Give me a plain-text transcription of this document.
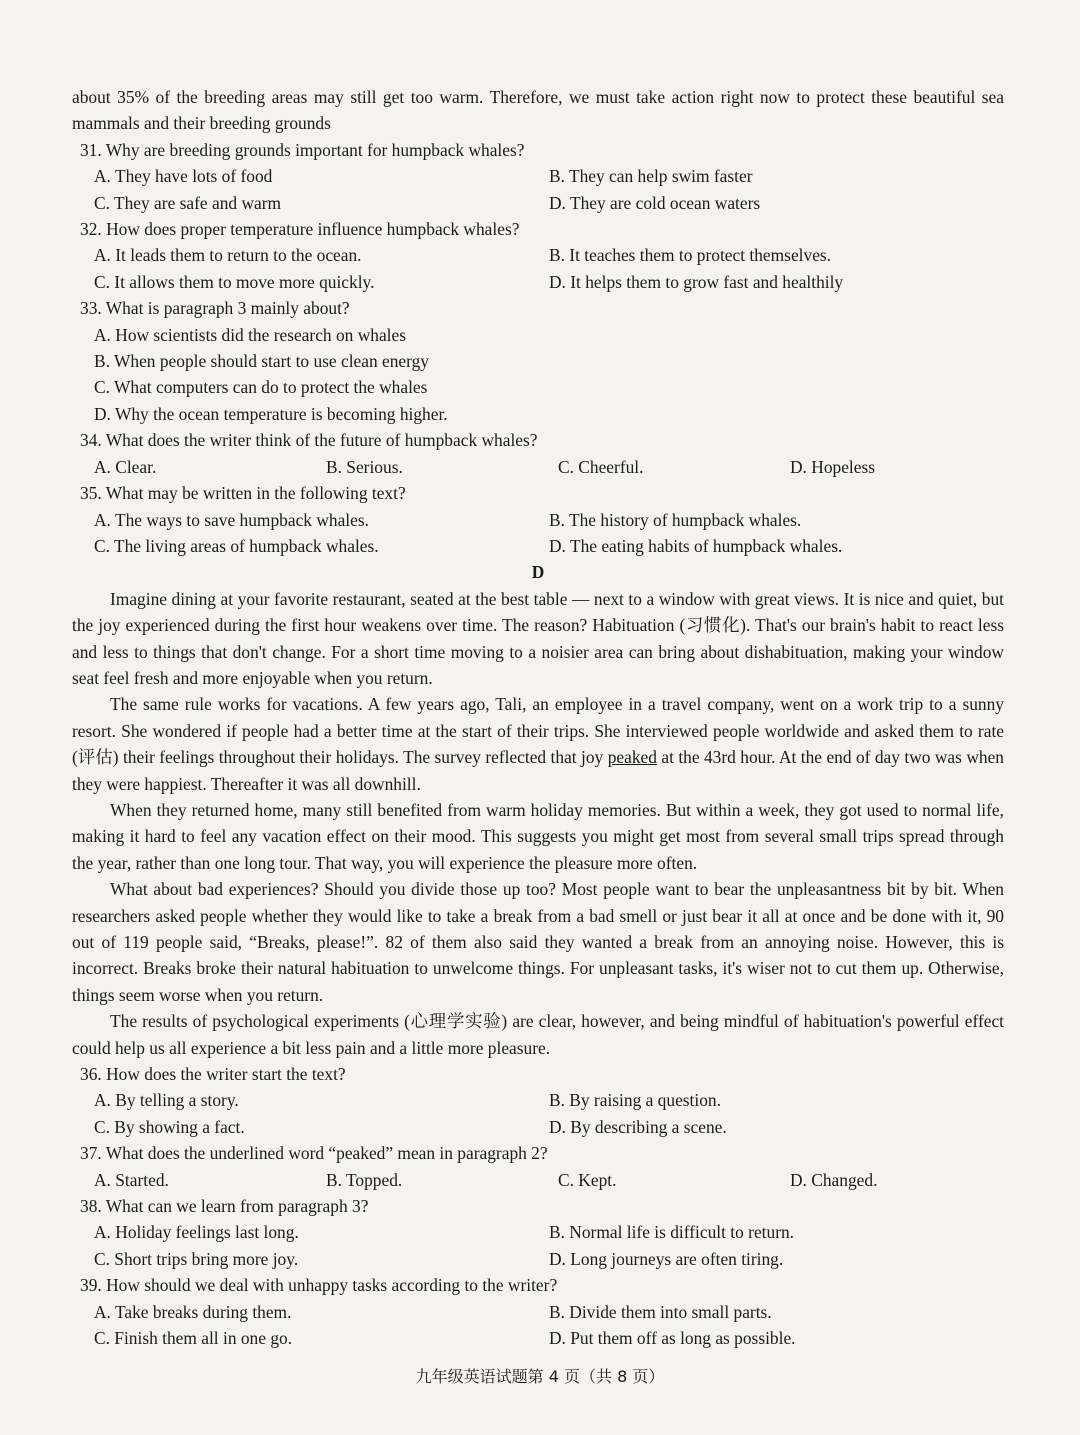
about 35% of the breeding areas may still get too warm. Therefore, we must take action right now to protect these beautiful sea mammals and their breeding grounds

31. Why are breeding grounds important for humpback whales?

A. They have lots of food	B. They can help swim faster
C. They are safe and warm	D. They are cold ocean waters

32. How does proper temperature influence humpback whales?

A. It leads them to return to the ocean.	B. It teaches them to protect themselves.
C. It allows them to move more quickly.	D. It helps them to grow fast and healthily

33. What is paragraph 3 mainly about?

A. How scientists did the research on whales
B. When people should start to use clean energy
C. What computers can do to protect the whales
D. Why the ocean temperature is becoming higher.

34. What does the writer think of the future of humpback whales?

A. Clear.	B. Serious.	C. Cheerful.	D. Hopeless

35. What may be written in the following text?

A. The ways to save humpback whales.	B. The history of humpback whales.
C. The living areas of humpback whales.	D. The eating habits of humpback whales.

D

Imagine dining at your favorite restaurant, seated at the best table — next to a window with great views. It is nice and quiet, but the joy experienced during the first hour weakens over time. The reason? Habituation (习惯化). That's our brain's habit to react less and less to things that don't change. For a short time moving to a noisier area can bring about dishabituation, making your window seat feel fresh and more enjoyable when you return.

The same rule works for vacations. A few years ago, Tali, an employee in a travel company, went on a work trip to a sunny resort. She wondered if people had a better time at the start of their trips. She interviewed people worldwide and asked them to rate (评估) their feelings throughout their holidays. The survey reflected that joy peaked at the 43rd hour. At the end of day two was when they were happiest. Thereafter it was all downhill.

When they returned home, many still benefited from warm holiday memories. But within a week, they got used to normal life, making it hard to feel any vacation effect on their mood. This suggests you might get most from several small trips spread through the year, rather than one long tour. That way, you will experience the pleasure more often.

What about bad experiences? Should you divide those up too? Most people want to bear the unpleasantness bit by bit. When researchers asked people whether they would like to take a break from a bad smell or just bear it all at once and be done with it, 90 out of 119 people said, “Breaks, please!”. 82 of them also said they wanted a break from an annoying noise. However, this is incorrect. Breaks broke their natural habituation to unwelcome things. For unpleasant tasks, it's wiser not to cut them up. Otherwise, things seem worse when you return.

The results of psychological experiments (心理学实验) are clear, however, and being mindful of habituation's powerful effect could help us all experience a bit less pain and a little more pleasure.

36. How does the writer start the text?

A. By telling a story.	B. By raising a question.
C. By showing a fact.	D. By describing a scene.

37. What does the underlined word “peaked” mean in paragraph 2?

A. Started.	B. Topped.	C. Kept.	D. Changed.

38. What can we learn from paragraph 3?

A. Holiday feelings last long.	B. Normal life is difficult to return.
C. Short trips bring more joy.	D. Long journeys are often tiring.

39. How should we deal with unhappy tasks according to the writer?

A. Take breaks during them.	B. Divide them into small parts.
C. Finish them all in one go.	D. Put them off as long as possible.
九年级英语试题第 4 页（共 8 页）
